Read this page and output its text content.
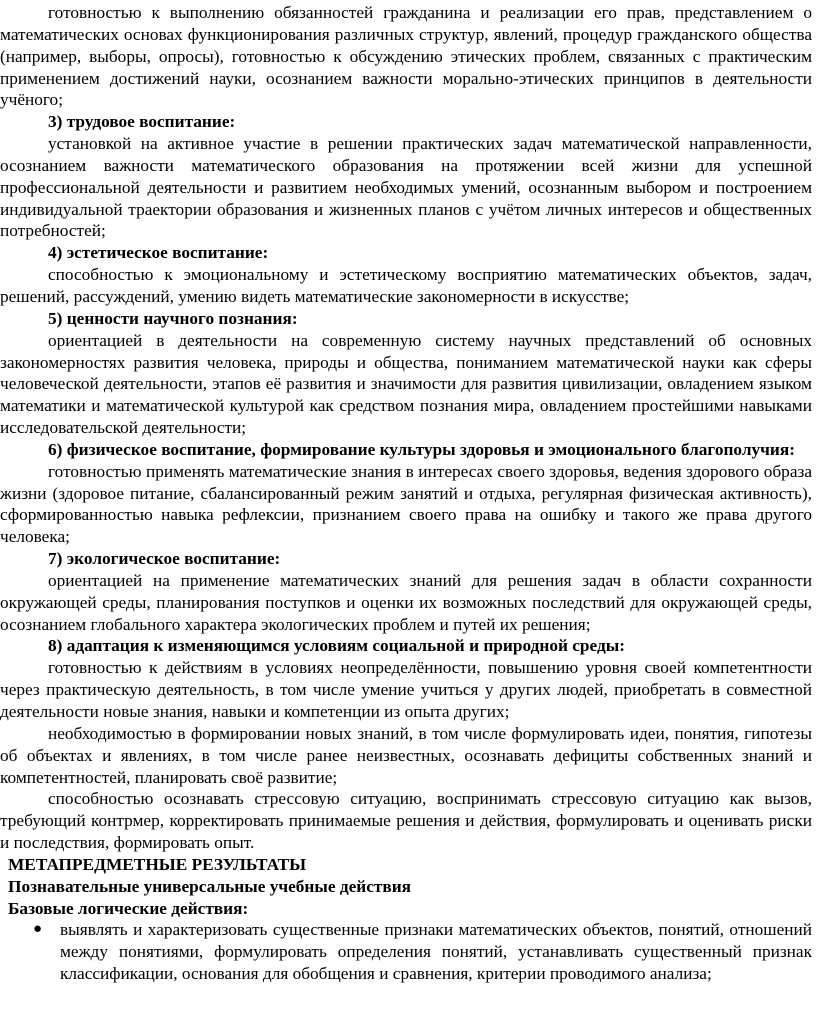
готовностью к выполнению обязанностей гражданина и реализации его прав, представлением о математических основах функционирования различных структур, явлений, процедур гражданского общества (например, выборы, опросы), готовностью к обсуждению этических проблем, связанных с практическим применением достижений науки, осознанием важности морально-этических принципов в деятельности учёного;

3) трудовое воспитание:

установкой на активное участие в решении практических задач математической направленности, осознанием важности математического образования на протяжении всей жизни для успешной профессиональной деятельности и развитием необходимых умений, осознанным выбором и построением индивидуальной траектории образования и жизненных планов с учётом личных интересов и общественных потребностей;

4) эстетическое воспитание:

способностью к эмоциональному и эстетическому восприятию математических объектов, задач, решений, рассуждений, умению видеть математические закономерности в искусстве;

5) ценности научного познания:

ориентацией в деятельности на современную систему научных представлений об основных закономерностях развития человека, природы и общества, пониманием математической науки как сферы человеческой деятельности, этапов её развития и значимости для развития цивилизации, овладением языком математики и математической культурой как средством познания мира, овладением простейшими навыками исследовательской деятельности;

6) физическое воспитание, формирование культуры здоровья и эмоционального благополучия:

готовностью применять математические знания в интересах своего здоровья, ведения здорового образа жизни (здоровое питание, сбалансированный режим занятий и отдыха, регулярная физическая активность), сформированностью навыка рефлексии, признанием своего права на ошибку и такого же права другого человека;

7) экологическое воспитание:

ориентацией на применение математических знаний для решения задач в области сохранности окружающей среды, планирования поступков и оценки их возможных последствий для окружающей среды, осознанием глобального характера экологических проблем и путей их решения;

8) адаптация к изменяющимся условиям социальной и природной среды:

готовностью к действиям в условиях неопределённости, повышению уровня своей компетентности через практическую деятельность, в том числе умение учиться у других людей, приобретать в совместной деятельности новые знания, навыки и компетенции из опыта других;

необходимостью в формировании новых знаний, в том числе формулировать идеи, понятия, гипотезы об объектах и явлениях, в том числе ранее неизвестных, осознавать дефициты собственных знаний и компетентностей, планировать своё развитие;

способностью осознавать стрессовую ситуацию, воспринимать стрессовую ситуацию как вызов, требующий контрмер, корректировать принимаемые решения и действия, формулировать и оценивать риски и последствия, формировать опыт.

МЕТАПРЕДМЕТНЫЕ РЕЗУЛЬТАТЫ

Познавательные универсальные учебные действия

Базовые логические действия:

● выявлять и характеризовать существенные признаки математических объектов, понятий, отношений между понятиями, формулировать определения понятий, устанавливать существенный признак классификации, основания для обобщения и сравнения, критерии проводимого анализа;
